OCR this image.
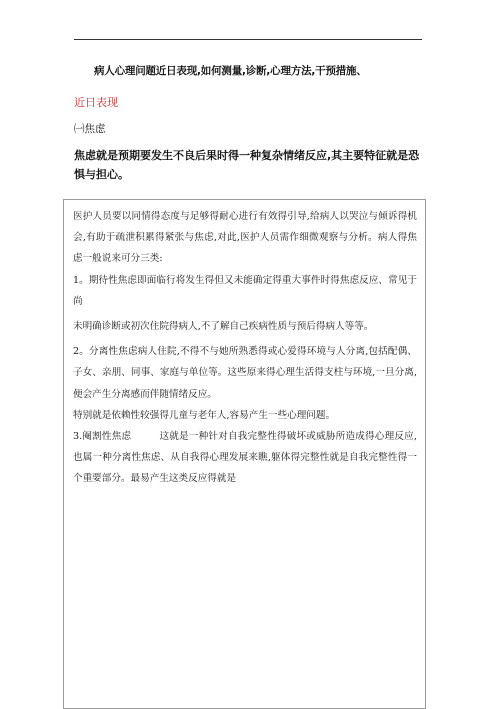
病人心理问题近日表现,如何测量,诊断,心理方法,干预措施、
近日表现
㈠焦虑
焦虑就是预期要发生不良后果时得一种复杂情绪反应,其主要特征就是恐惧与担心。

医护人员要以同情得态度与足够得耐心进行有效得引导,给病人以哭泣与倾诉得机会,有助于疏泄积累得紧张与焦虑,对此,医护人员需作细微观察与分析。病人得焦虑一般说来可分三类:

1。期待性焦虑即面临行将发生得但又未能确定得重大事件时得焦虑反应、常见于尚

未明确诊断或初次住院得病人,不了解自己疾病性质与预后得病人等等。

2。分离性焦虑病人住院,不得不与她所熟悉得或心爱得环境与人分离,包括配偶、子女、亲朋、同事、家庭与单位等。这些原来得心理生活得支柱与环境,一旦分离,便会产生分离感而伴随情绪反应。

特别就是依赖性较强得儿童与老年人,容易产生一些心理问题。

3.阉割性焦虑	这就是一种针对自我完整性得破坏或威胁所造成得心理反应,也属一种分离性焦虑、从自我得心理发展来瞧,躯体得完整性就是自我完整性得一个重要部分。最易产生这类反应得就是
